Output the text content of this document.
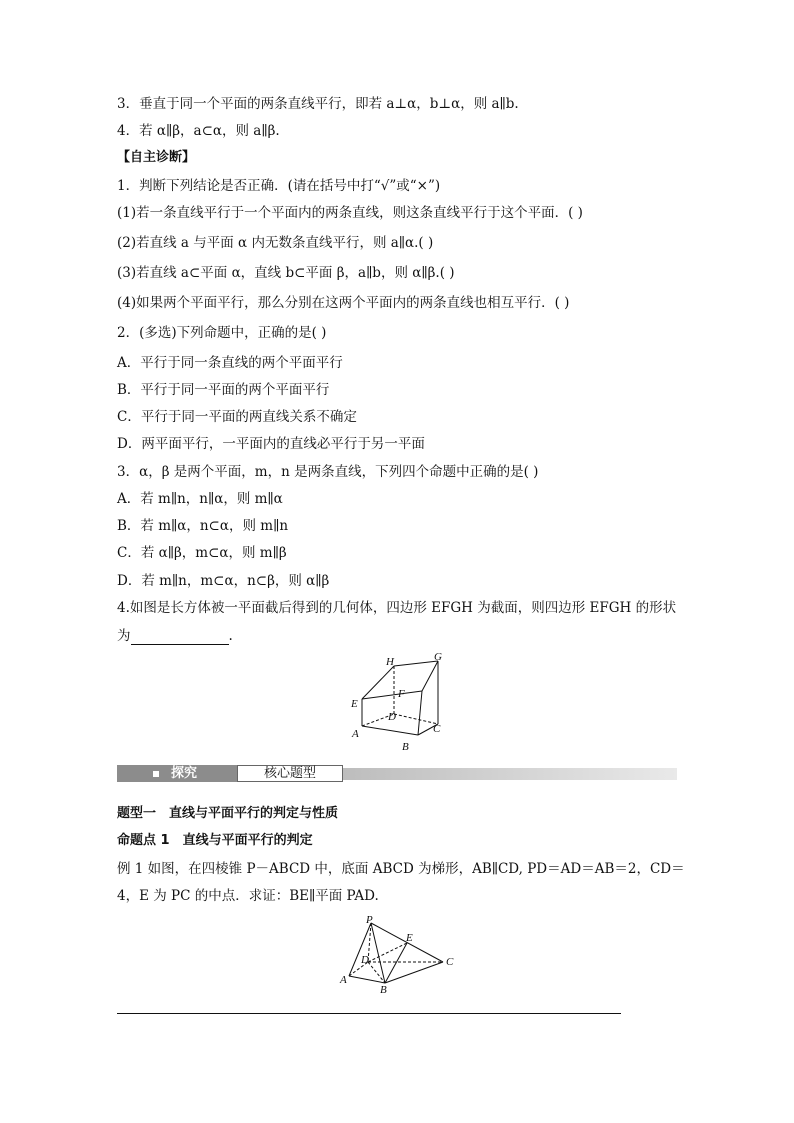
3．垂直于同一个平面的两条直线平行，即若 a⊥α，b⊥α，则 a∥b.
4．若 α∥β，a⊂α，则 a∥β.
【自主诊断】
1．判断下列结论是否正确．(请在括号中打“√”或“×”)
(1)若一条直线平行于一个平面内的两条直线，则这条直线平行于这个平面．( )
(2)若直线 a 与平面 α 内无数条直线平行，则 a∥α.( )
(3)若直线 a⊂平面 α，直线 b⊂平面 β，a∥b，则 α∥β.( )
(4)如果两个平面平行，那么分别在这两个平面内的两条直线也相互平行．( )
2．(多选)下列命题中，正确的是( )
A．平行于同一条直线的两个平面平行
B．平行于同一平面的两个平面平行
C．平行于同一平面的两直线关系不确定
D．两平面平行，一平面内的直线必平行于另一平面
3．α，β 是两个平面，m，n 是两条直线，下列四个命题中正确的是( )
A．若 m∥n，n∥α，则 m∥α
B．若 m∥α，n⊂α，则 m∥n
C．若 α∥β，m⊂α，则 m∥β
D．若 m∥n，m⊂α，n⊂β，则 α∥β
4.如图是长方体被一平面截后得到的几何体，四边形 EFGH 为截面，则四边形 EFGH 的形状
为	.
H	G
F
E
D
C
A
B
探究	核心题型
题型一　直线与平面平行的判定与性质
命题点 1　直线与平面平行的判定
例 1 如图，在四棱锥 P－ABCD 中，底面 ABCD 为梯形，AB∥CD, PD＝AD＝AB＝2，CD＝
4，E 为 PC 的中点．求证：BE∥平面 PAD.
P
E
D	C
A
B
